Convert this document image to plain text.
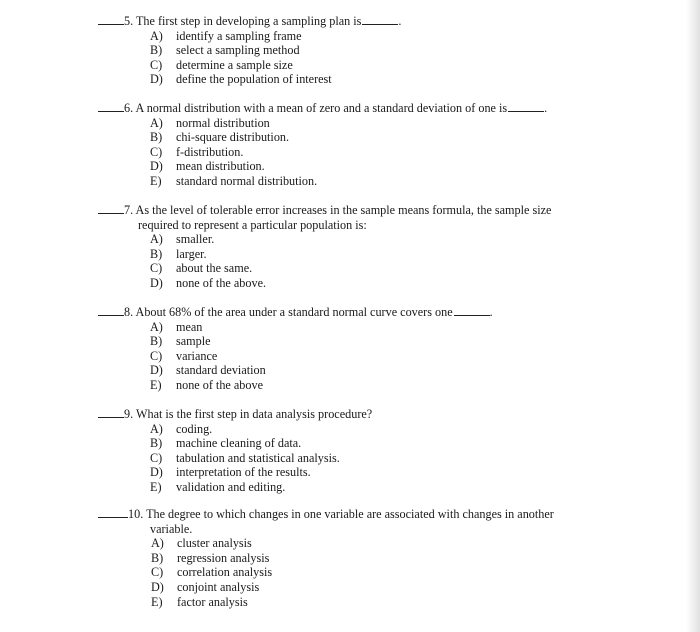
5. The first step in developing a sampling plan is	.
A) identify a sampling frame
B) select a sampling method
C) determine a sample size
D) define the population of interest
6. A normal distribution with a mean of zero and a standard deviation of one is	.
A) normal distribution
B) chi-square distribution.
C) f-distribution.
D) mean distribution.
E) standard normal distribution.
7. As the level of tolerable error increases in the sample means formula, the sample size
required to represent a particular population is:
A) smaller.
B) larger.
C) about the same.
D) none of the above.
8. About 68% of the area under a standard normal curve covers one	.
A) mean
B) sample
C) variance
D) standard deviation
E) none of the above
9. What is the first step in data analysis procedure?
A) coding.
B) machine cleaning of data.
C) tabulation and statistical analysis.
D) interpretation of the results.
E) validation and editing.
10. The degree to which changes in one variable are associated with changes in another
variable.
A) cluster analysis
B) regression analysis
C) correlation analysis
D) conjoint analysis
E) factor analysis
